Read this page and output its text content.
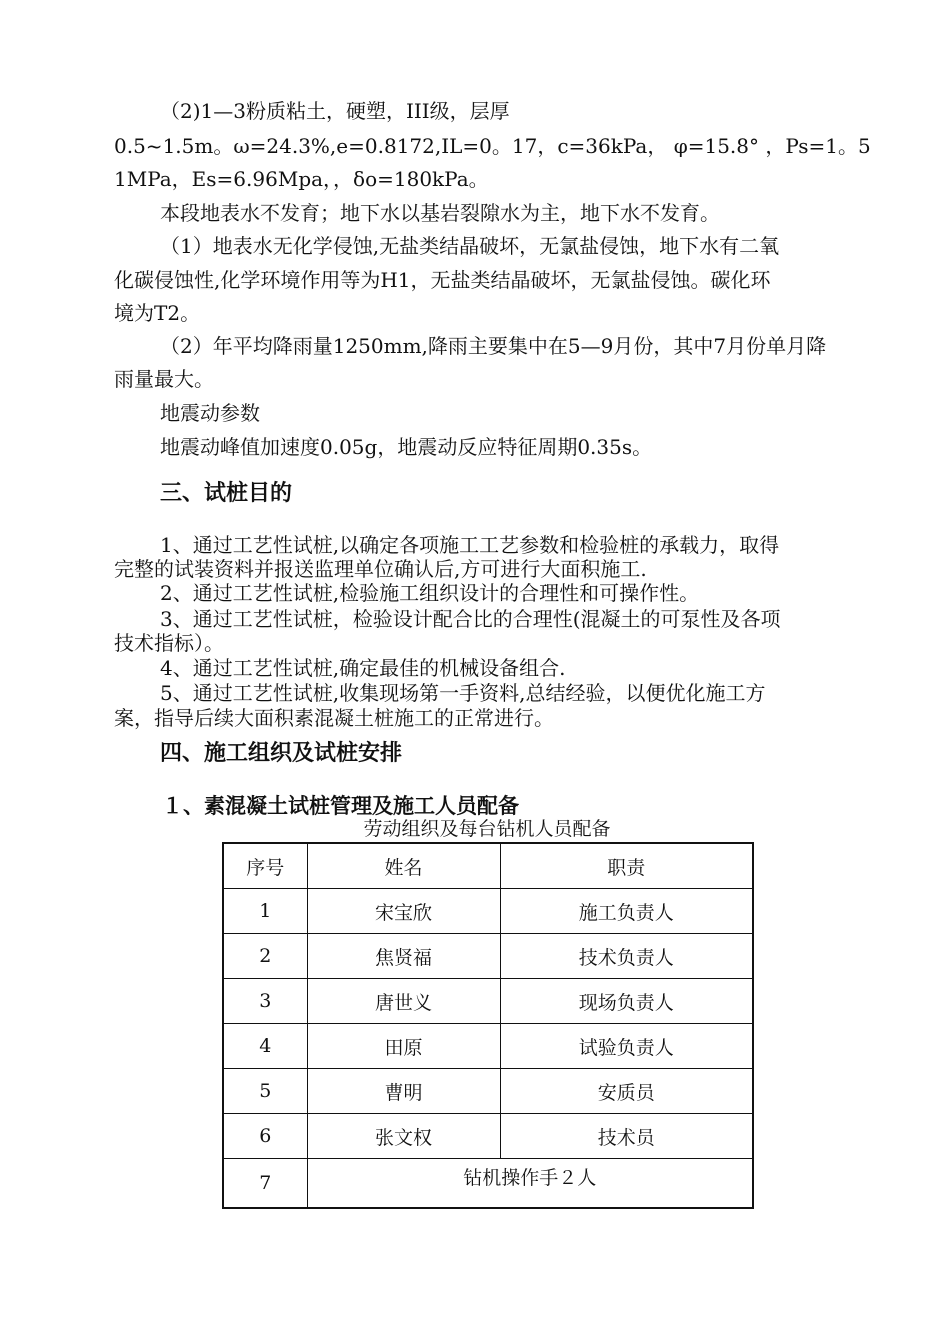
（2)1—3粉质粘土，硬塑，III级，层厚
0.5~1.5m。ω=24.3%,e=0.8172,IL=0。17，c=36kPa， φ=15.8° ，Ps=1。5
1MPa，Es=6.96Mpa，，δo=180kPa。
本段地表水不发育；地下水以基岩裂隙水为主，地下水不发育。
（1）地表水无化学侵蚀,无盐类结晶破坏，无氯盐侵蚀，地下水有二氧
化碳侵蚀性,化学环境作用等为H1，无盐类结晶破坏，无氯盐侵蚀。碳化环
境为T2。
（2）年平均降雨量1250mm,降雨主要集中在5—9月份，其中7月份单月降
雨量最大。
地震动参数
地震动峰值加速度0.05g，地震动反应特征周期0.35s。
三、试桩目的
1、通过工艺性试桩,以确定各项施工工艺参数和检验桩的承载力，取得
完整的试装资料并报送监理单位确认后,方可进行大面积施工.
2、通过工艺性试桩,检验施工组织设计的合理性和可操作性。
3、通过工艺性试桩，检验设计配合比的合理性(混凝土的可泵性及各项
技术指标）。
4、通过工艺性试桩,确定最佳的机械设备组合.
5、通过工艺性试桩,收集现场第一手资料,总结经验，以便优化施工方
案，指导后续大面积素混凝土桩施工的正常进行。
四、施工组织及试桩安排
１、素混凝土试桩管理及施工人员配备
劳动组织及每台钻机人员配备
序号	姓名	职责
1	宋宝欣	施工负责人
2	焦贤福	技术负责人
3	唐世义	现场负责人
4	田原	试验负责人
5	曹明	安质员
6	张文权	技术员
7	钻机操作手２人	
